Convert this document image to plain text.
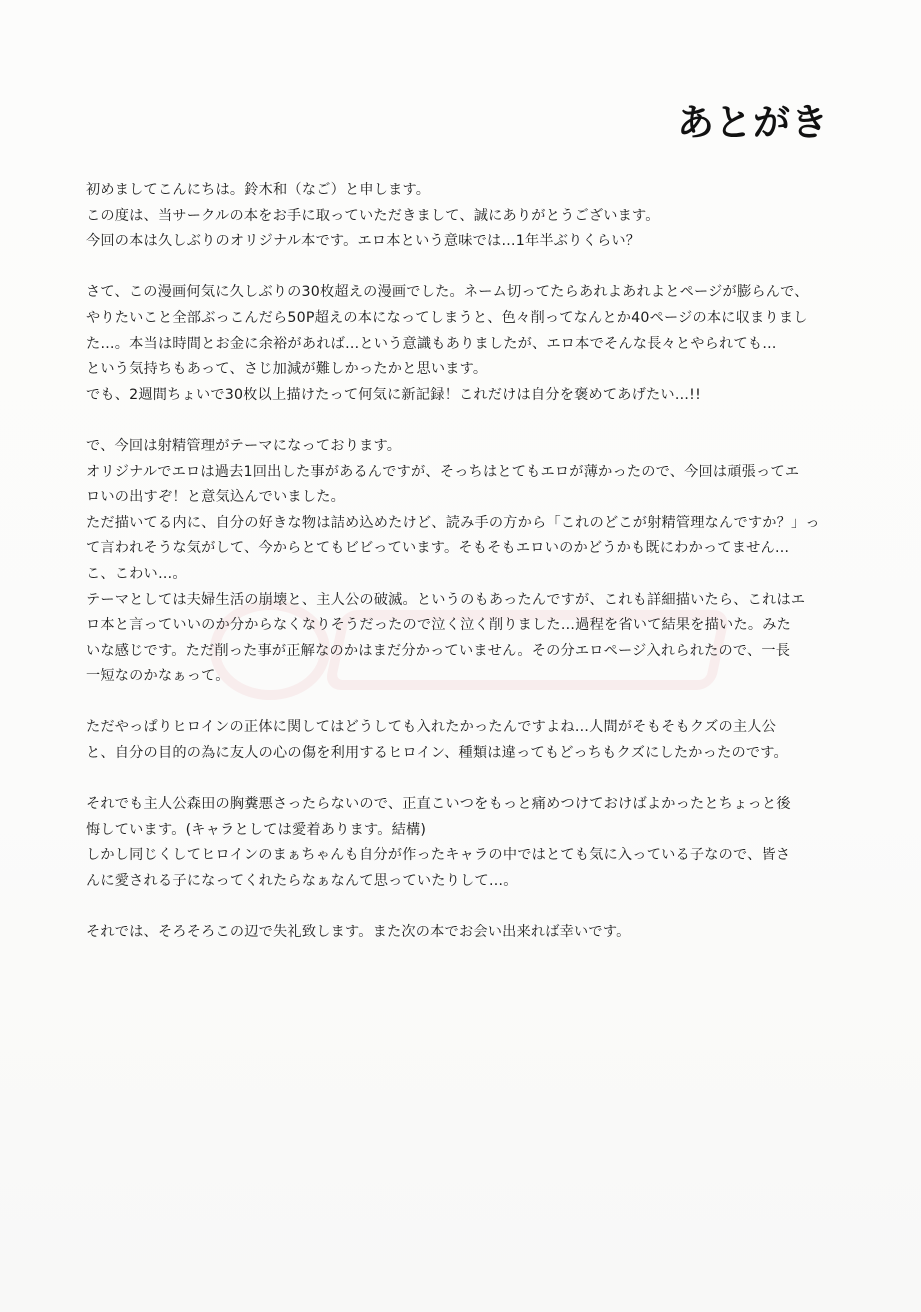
あとがき
初めましてこんにちは。鈴木和（なご）と申します。
この度は、当サークルの本をお手に取っていただきまして、誠にありがとうございます。
今回の本は久しぶりのオリジナル本です。エロ本という意味では…1年半ぶりくらい？
さて、この漫画何気に久しぶりの30枚超えの漫画でした。ネーム切ってたらあれよあれよとページが膨らんで、
やりたいこと全部ぶっこんだら50P超えの本になってしまうと、色々削ってなんとか40ページの本に収まりまし
た…。本当は時間とお金に余裕があれば…という意識もありましたが、エロ本でそんな長々とやられても…
という気持ちもあって、さじ加減が難しかったかと思います。
でも、2週間ちょいで30枚以上描けたって何気に新記録！これだけは自分を褒めてあげたい…!!
で、今回は射精管理がテーマになっております。
オリジナルでエロは過去1回出した事があるんですが、そっちはとてもエロが薄かったので、今回は頑張ってエ
ロいの出すぞ！と意気込んでいました。
ただ描いてる内に、自分の好きな物は詰め込めたけど、読み手の方から「これのどこが射精管理なんですか？」っ
て言われそうな気がして、今からとてもビビっています。そもそもエロいのかどうかも既にわかってません…
こ、こわい…。
テーマとしては夫婦生活の崩壊と、主人公の破滅。というのもあったんですが、これも詳細描いたら、これはエ
ロ本と言っていいのか分からなくなりそうだったので泣く泣く削りました…過程を省いて結果を描いた。みた
いな感じです。ただ削った事が正解なのかはまだ分かっていません。その分エロページ入れられたので、一長
一短なのかなぁって。
ただやっぱりヒロインの正体に関してはどうしても入れたかったんですよね…人間がそもそもクズの主人公
と、自分の目的の為に友人の心の傷を利用するヒロイン、種類は違ってもどっちもクズにしたかったのです。
それでも主人公森田の胸糞悪さったらないので、正直こいつをもっと痛めつけておけばよかったとちょっと後
悔しています。(キャラとしては愛着あります。結構)
しかし同じくしてヒロインのまぁちゃんも自分が作ったキャラの中ではとても気に入っている子なので、皆さ
んに愛される子になってくれたらなぁなんて思っていたりして…。
それでは、そろそろこの辺で失礼致します。また次の本でお会い出来れば幸いです。
